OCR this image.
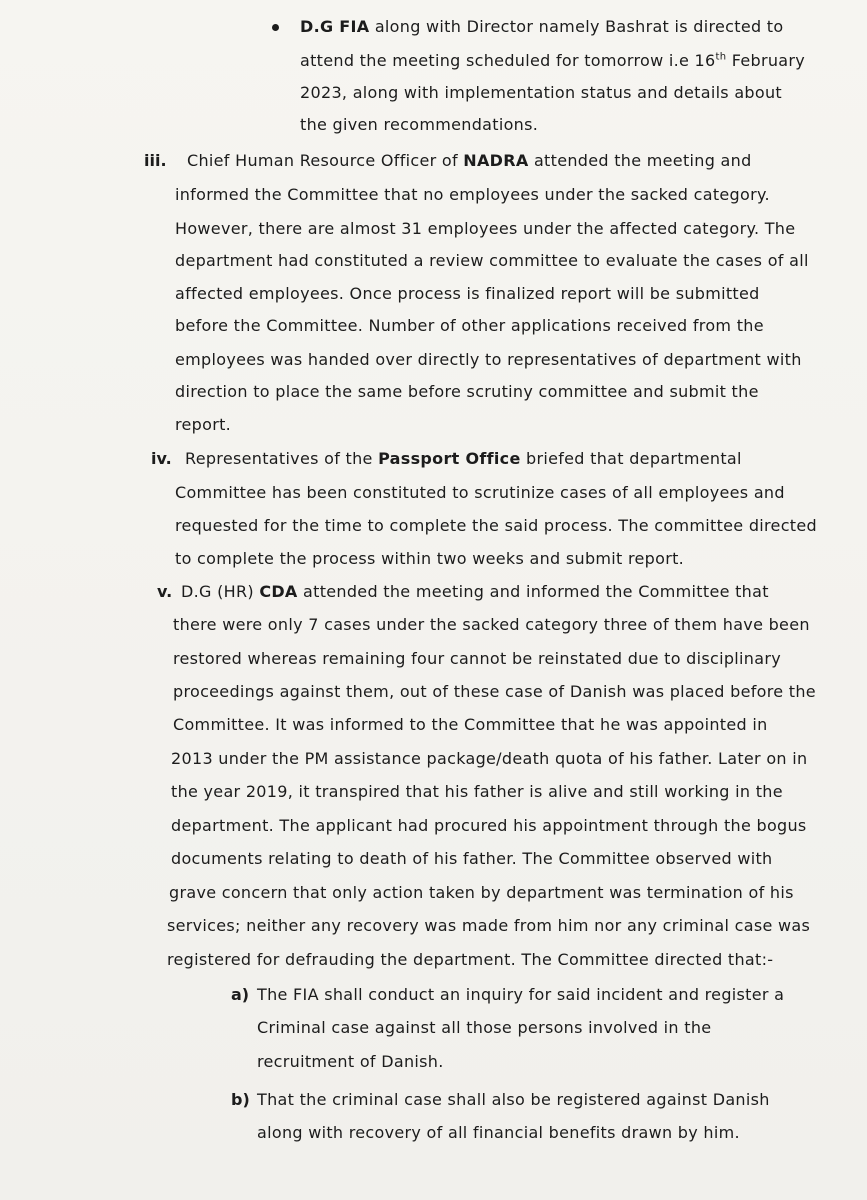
D.G FIA along with Director namely Bashrat is directed to
attend the meeting scheduled for tomorrow i.e 16th February
2023, along with implementation status and details about
the given recommendations.
iii. Chief Human Resource Officer of NADRA attended the meeting and
informed the Committee that no employees under the sacked category.
However, there are almost 31 employees under the affected category. The
department had constituted a review committee to evaluate the cases of all
affected employees. Once process is finalized report will be submitted
before the Committee. Number of other applications received from the
employees was handed over directly to representatives of department with
direction to place the same before scrutiny committee and submit the
report.
iv. Representatives of the Passport Office briefed that departmental
Committee has been constituted to scrutinize cases of all employees and
requested for the time to complete the said process. The committee directed
to complete the process within two weeks and submit report.
v. D.G (HR) CDA attended the meeting and informed the Committee that
there were only 7 cases under the sacked category three of them have been
restored whereas remaining four cannot be reinstated due to disciplinary
proceedings against them, out of these case of Danish was placed before the
Committee. It was informed to the Committee that he was appointed in
2013 under the PM assistance package/death quota of his father. Later on in
the year 2019, it transpired that his father is alive and still working in the
department. The applicant had procured his appointment through the bogus
documents relating to death of his father. The Committee observed with
grave concern that only action taken by department was termination of his
services; neither any recovery was made from him nor any criminal case was
registered for defrauding the department. The Committee directed that:-
a) The FIA shall conduct an inquiry for said incident and register a
Criminal case against all those persons involved in the
recruitment of Danish.
b) That the criminal case shall also be registered against Danish
along with recovery of all financial benefits drawn by him.
